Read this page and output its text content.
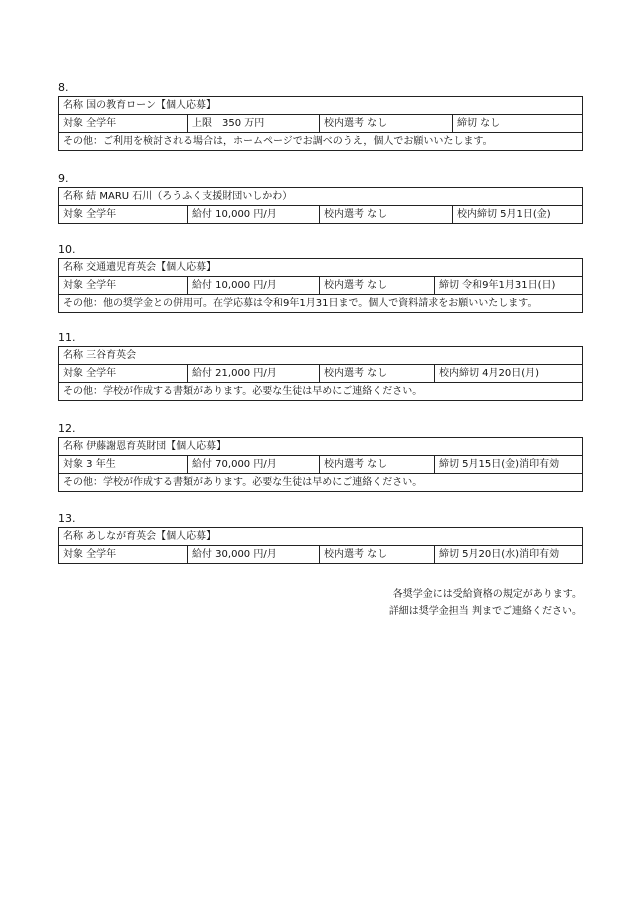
8.
名称 国の教育ローン【個人応募】
対象 全学年	上限　350 万円	校内選考 なし	締切 なし
その他：ご利用を検討される場合は，ホームページでお調べのうえ，個人でお願いいたします。
9.
名称 結 MARU 石川（ろうふく支援財団いしかわ）
対象 全学年	給付 10,000 円/月	校内選考 なし	校内締切 5月1日(金)
10.
名称 交通遺児育英会【個人応募】
対象 全学年	給付 10,000 円/月	校内選考 なし	締切 令和9年1月31日(日)
その他：他の奨学金との併用可。在学応募は令和9年1月31日まで。個人で資料請求をお願いいたします。
11.
名称 三谷育英会
対象 全学年	給付 21,000 円/月	校内選考 なし	校内締切 4月20日(月)
その他：学校が作成する書類があります。必要な生徒は早めにご連絡ください。
12.
名称 伊藤謝恩育英財団【個人応募】
対象 3 年生	給付 70,000 円/月	校内選考 なし	締切 5月15日(金)消印有効
その他：学校が作成する書類があります。必要な生徒は早めにご連絡ください。
13.
名称 あしなが育英会【個人応募】
対象 全学年	給付 30,000 円/月	校内選考 なし	締切 5月20日(水)消印有効
各奨学金には受給資格の規定があります。
詳細は奨学金担当 判までご連絡ください。
